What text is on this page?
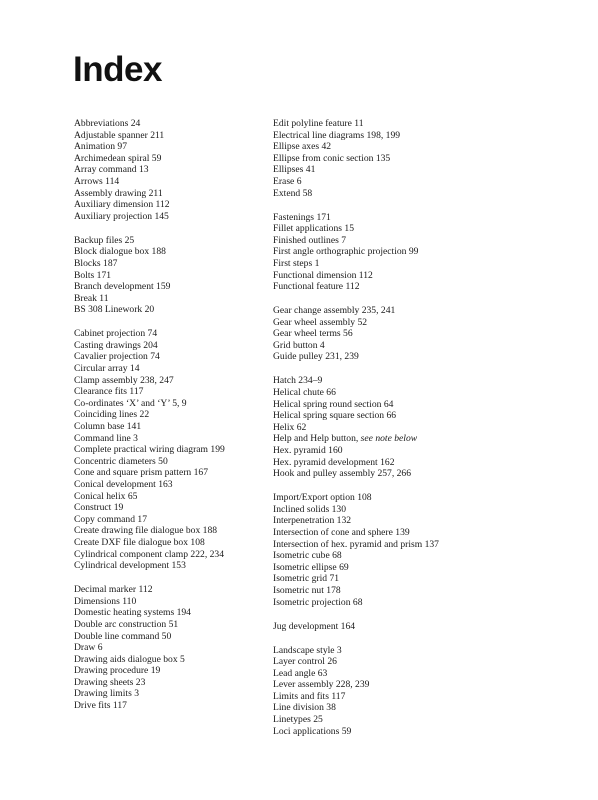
Index
Abbreviations 24
Adjustable spanner 211
Animation 97
Archimedean spiral 59
Array command 13
Arrows 114
Assembly drawing 211
Auxiliary dimension 112
Auxiliary projection 145
Backup files 25
Block dialogue box 188
Blocks 187
Bolts 171
Branch development 159
Break 11
BS 308 Linework 20
Cabinet projection 74
Casting drawings 204
Cavalier projection 74
Circular array 14
Clamp assembly 238, 247
Clearance fits 117
Co-ordinates ‘X’ and ‘Y’ 5, 9
Coinciding lines 22
Column base 141
Command line 3
Complete practical wiring diagram 199
Concentric diameters 50
Cone and square prism pattern 167
Conical development 163
Conical helix 65
Construct 19
Copy command 17
Create drawing file dialogue box 188
Create DXF file dialogue box 108
Cylindrical component clamp 222, 234
Cylindrical development 153
Decimal marker 112
Dimensions 110
Domestic heating systems 194
Double arc construction 51
Double line command 50
Draw 6
Drawing aids dialogue box 5
Drawing procedure 19
Drawing sheets 23
Drawing limits 3
Drive fits 117
Edit polyline feature 11
Electrical line diagrams 198, 199
Ellipse axes 42
Ellipse from conic section 135
Ellipses 41
Erase 6
Extend 58
Fastenings 171
Fillet applications 15
Finished outlines 7
First angle orthographic projection 99
First steps 1
Functional dimension 112
Functional feature 112
Gear change assembly 235, 241
Gear wheel assembly 52
Gear wheel terms 56
Grid button 4
Guide pulley 231, 239
Hatch 234–9
Helical chute 66
Helical spring round section 64
Helical spring square section 66
Helix 62
Help and Help button, see note below
Hex. pyramid 160
Hex. pyramid development 162
Hook and pulley assembly 257, 266
Import/Export option 108
Inclined solids 130
Interpenetration 132
Intersection of cone and sphere 139
Intersection of hex. pyramid and prism 137
Isometric cube 68
Isometric ellipse 69
Isometric grid 71
Isometric nut 178
Isometric projection 68
Jug development 164
Landscape style 3
Layer control 26
Lead angle 63
Lever assembly 228, 239
Limits and fits 117
Line division 38
Linetypes 25
Loci applications 59
